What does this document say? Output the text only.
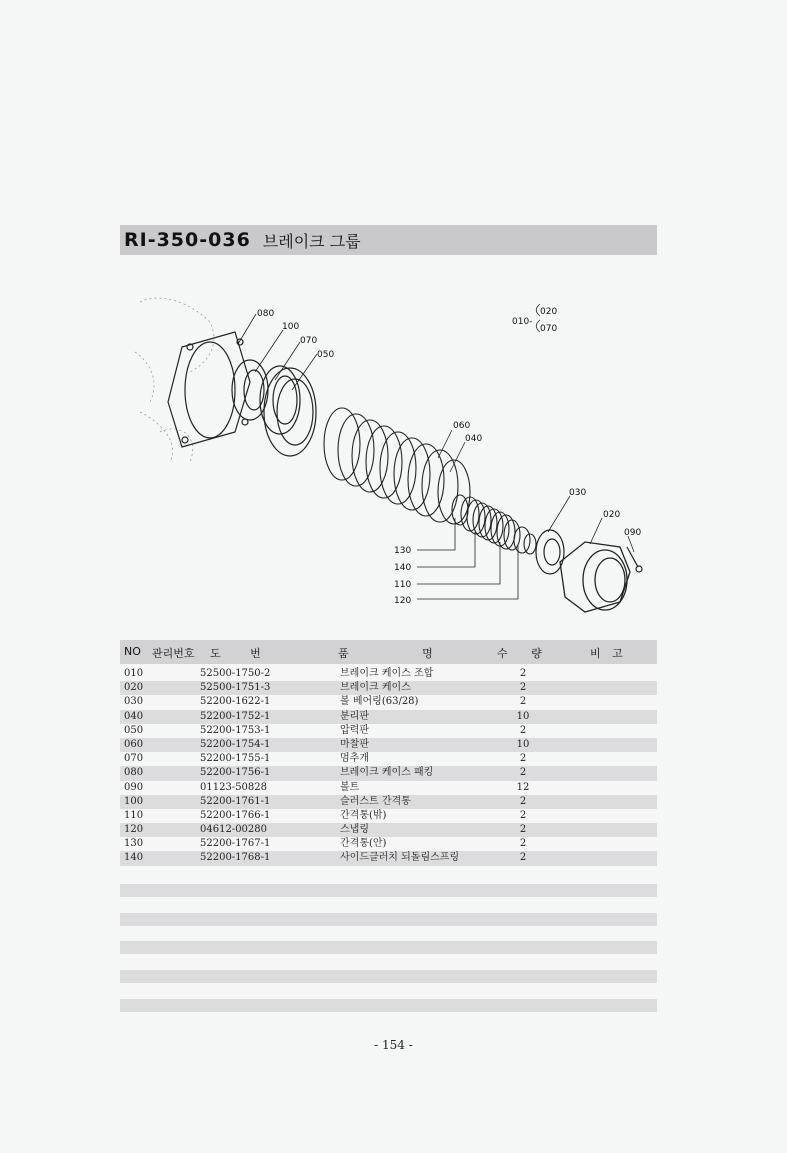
RI-350-036 브레이크 그룹
080
100
070
050
060
040
030
020
090
130
140
110
120
010-
020
070
NO 관리번호 도 번	품 명	수 량	비 고
010	52500-1750-2	브레이크 케이스 조합	2
020	52500-1751-3	브레이크 케이스	2
030	52200-1622-1	볼 베어링(63/28)	2
040	52200-1752-1	분리판	10
050	52200-1753-1	압력판	2
060	52200-1754-1	마찰판	10
070	52200-1755-1	멈추개	2
080	52200-1756-1	브레이크 케이스 패킹	2
090	01123-50828	볼트	12
100	52200-1761-1	슬러스트 간격통	2
110	52200-1766-1	간격통(밖)	2
120	04612-00280	스냅링	2
130	52200-1767-1	간격통(안)	2
140	52200-1768-1	사이드클러치 되돌림스프링	2
- 154 -
